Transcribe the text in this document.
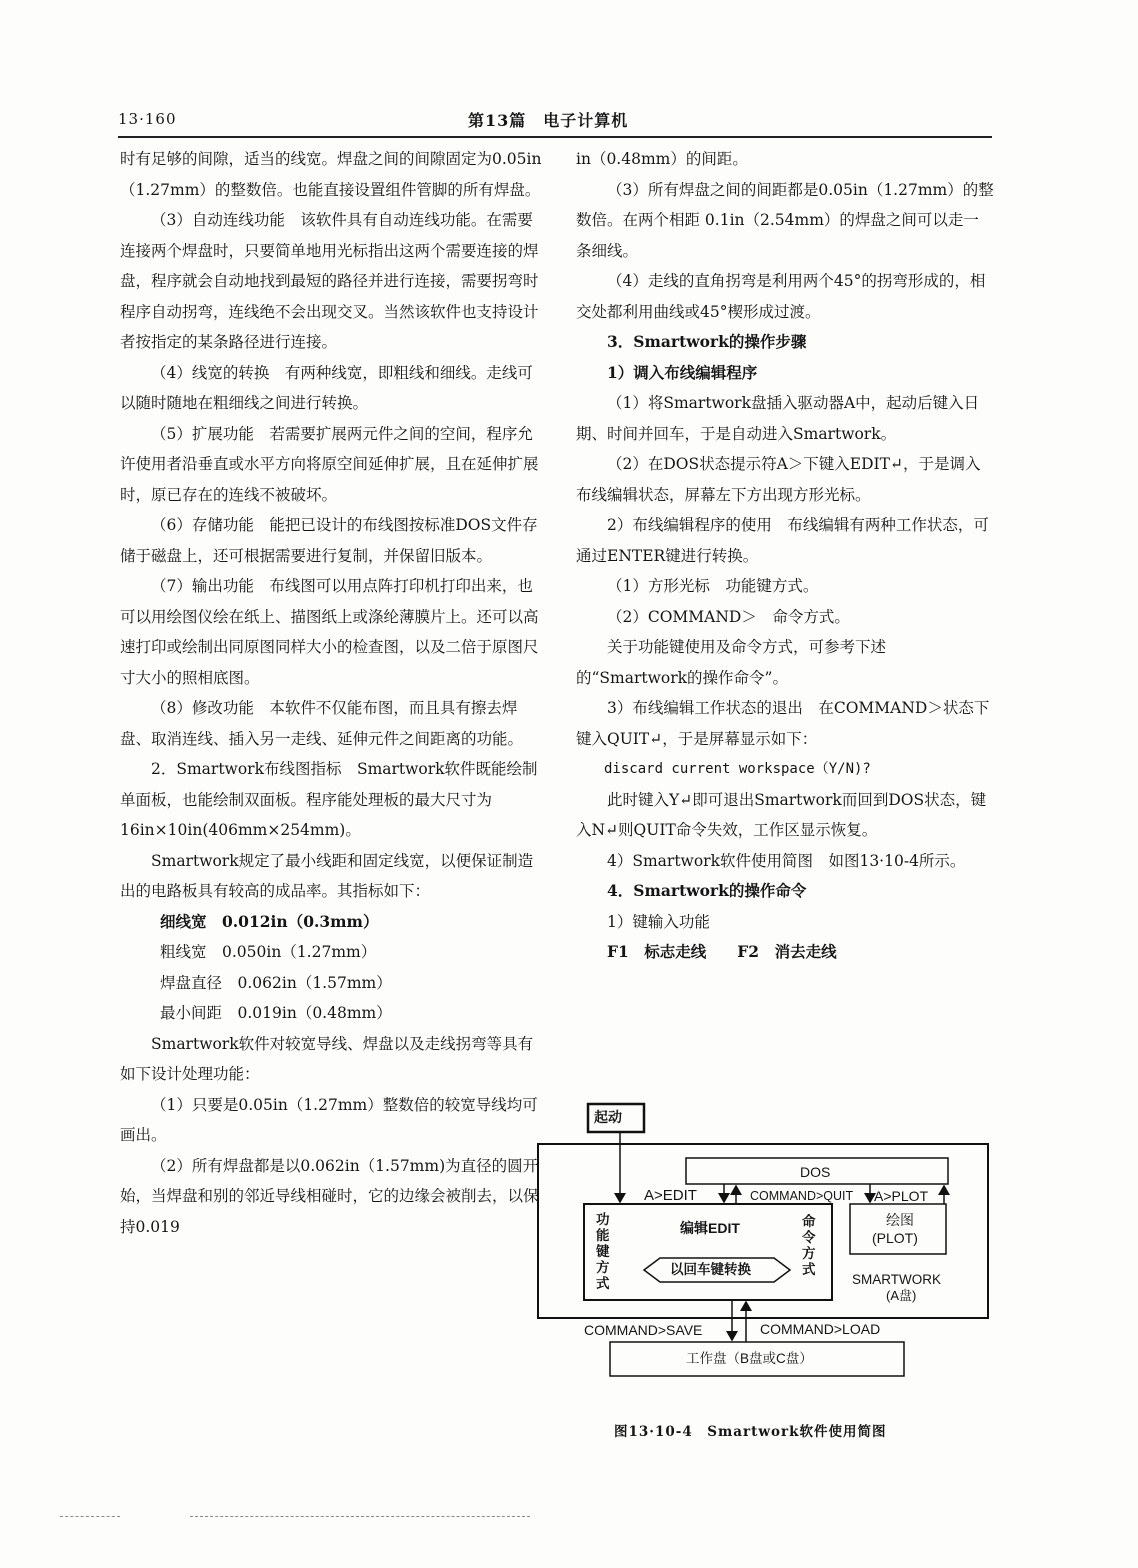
13·160	第13篇　电子计算机

时有足够的间隙，适当的线宽。焊盘之间的间隙固定为0.05in（1.27mm）的整数倍。也能直接设置组件管脚的所有焊盘。

（3）自动连线功能　该软件具有自动连线功能。在需要连接两个焊盘时，只要简单地用光标指出这两个需要连接的焊盘，程序就会自动地找到最短的路径并进行连接，需要拐弯时程序自动拐弯，连线绝不会出现交叉。当然该软件也支持设计者按指定的某条路径进行连接。

（4）线宽的转换　有两种线宽，即粗线和细线。走线可以随时随地在粗细线之间进行转换。

（5）扩展功能　若需要扩展两元件之间的空间，程序允许使用者沿垂直或水平方向将原空间延伸扩展，且在延伸扩展时，原已存在的连线不被破坏。

（6）存储功能　能把已设计的布线图按标准DOS文件存储于磁盘上，还可根据需要进行复制，并保留旧版本。

（7）输出功能　布线图可以用点阵打印机打印出来，也可以用绘图仪绘在纸上、描图纸上或涤纶薄膜片上。还可以高速打印或绘制出同原图同样大小的检查图，以及二倍于原图尺寸大小的照相底图。

（8）修改功能　本软件不仅能布图，而且具有擦去焊盘、取消连线、插入另一走线、延伸元件之间距离的功能。

2．Smartwork布线图指标　Smartwork软件既能绘制单面板，也能绘制双面板。程序能处理板的最大尺寸为 16in×10in(406mm×254mm)。

Smartwork规定了最小线距和固定线宽，以便保证制造出的电路板具有较高的成品率。其指标如下：

细线宽　0.012in（0.3mm）

粗线宽　0.050in（1.27mm）

焊盘直径　0.062in（1.57mm）

最小间距　0.019in（0.48mm）

Smartwork软件对较宽导线、焊盘以及走线拐弯等具有如下设计处理功能：

（1）只要是0.05in（1.27mm）整数倍的较宽导线均可画出。

（2）所有焊盘都是以0.062in（1.57mm)为直径的圆开始，当焊盘和别的邻近导线相碰时，它的边缘会被削去，以保持0.019

in（0.48mm）的间距。

（3）所有焊盘之间的间距都是0.05in（1.27mm）的整数倍。在两个相距 0.1in（2.54mm）的焊盘之间可以走一条细线。

（4）走线的直角拐弯是利用两个45°的拐弯形成的，相交处都利用曲线或45°楔形成过渡。

3．Smartwork的操作步骤

1）调入布线编辑程序

（1）将Smartwork盘插入驱动器A中，起动后键入日期、时间并回车，于是自动进入Smartwork。

（2）在DOS状态提示符A＞下键入EDIT↵，于是调入布线编辑状态，屏幕左下方出现方形光标。

2）布线编辑程序的使用　布线编辑有两种工作状态，可通过ENTER键进行转换。

（1）方形光标　功能键方式。

（2）COMMAND＞　命令方式。

关于功能键使用及命令方式，可参考下述的“Smartwork的操作命令”。

3）布线编辑工作状态的退出　在COMMAND＞状态下键入QUIT↵，于是屏幕显示如下：

discard current workspace（Y/N)?

此时键入Y↵即可退出Smartwork而回到DOS状态，键入N↵则QUIT命令失效，工作区显示恢复。

4）Smartwork软件使用简图　如图13·10-4所示。

4．Smartwork的操作命令

1）键输入功能

F1　标志走线　　F2　消去走线

起动
DOS
A>EDIT	COMMAND>QUIT A>PLOT
功能键方式
编辑EDIT	命令方式
以回车键转换
绘图
(PLOT)
SMARTWORK
(A盘)
COMMAND>SAVE	COMMAND>LOAD
工作盘（B盘或C盘）
图13·10-4　Smartwork软件使用简图
